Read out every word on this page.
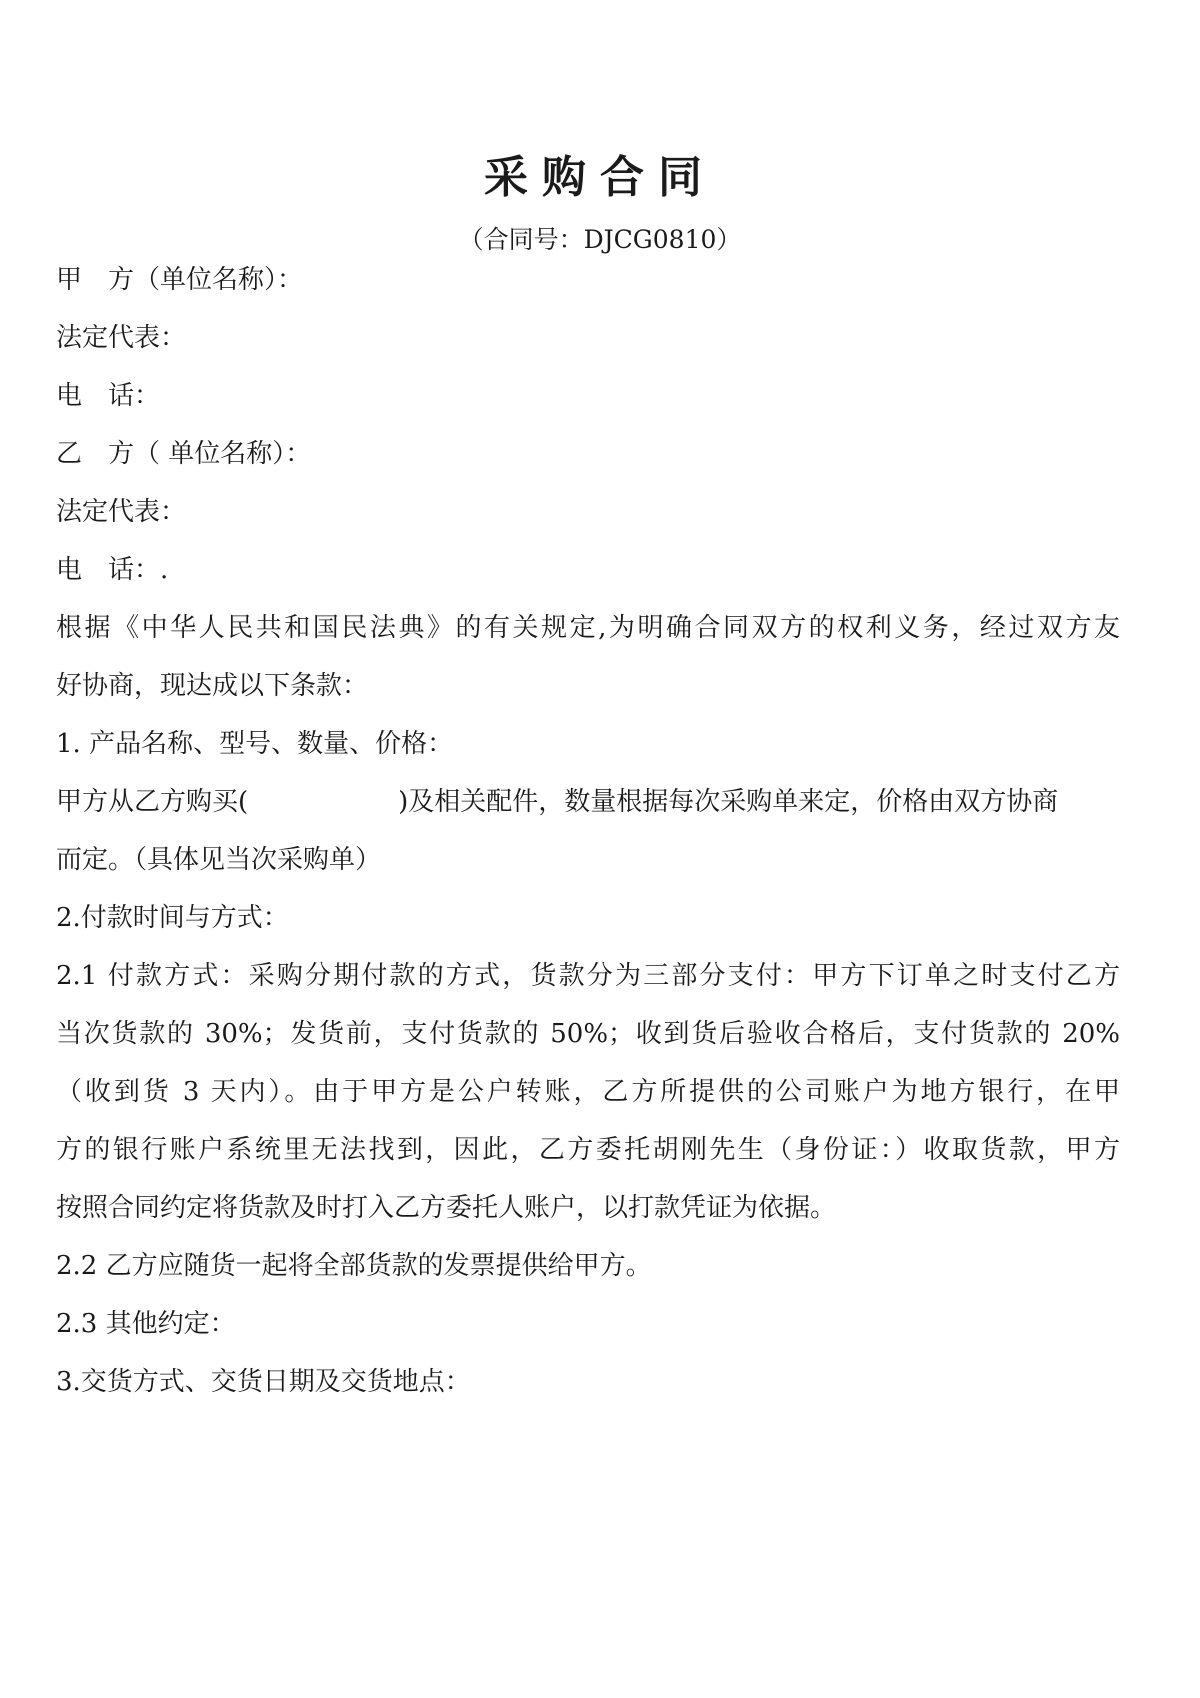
采购合同
（合同号：DJCG0810）
甲　方（单位名称）：
法定代表：
电　话：
乙　方（ 单位名称）：
法定代表：
电　话：.
根据《中华人民共和国民法典》的有关规定,为明确合同双方的权利义务，经过双方友
好协商，现达成以下条款：
1. 产品名称、型号、数量、价格：
甲方从乙方购买(	)及相关配件，数量根据每次采购单来定，价格由双方协商
而定。（具体见当次采购单）
2.付款时间与方式：
2.1 付款方式：采购分期付款的方式，货款分为三部分支付：甲方下订单之时支付乙方
当次货款的 30%；发货前，支付货款的 50%；收到货后验收合格后，支付货款的 20%
（收到货 3 天内）。由于甲方是公户转账，乙方所提供的公司账户为地方银行，在甲
方的银行账户系统里无法找到，因此，乙方委托胡刚先生（身份证：）收取货款，甲方
按照合同约定将货款及时打入乙方委托人账户，以打款凭证为依据。
2.2 乙方应随货一起将全部货款的发票提供给甲方。
2.3 其他约定：
3.交货方式、交货日期及交货地点：
